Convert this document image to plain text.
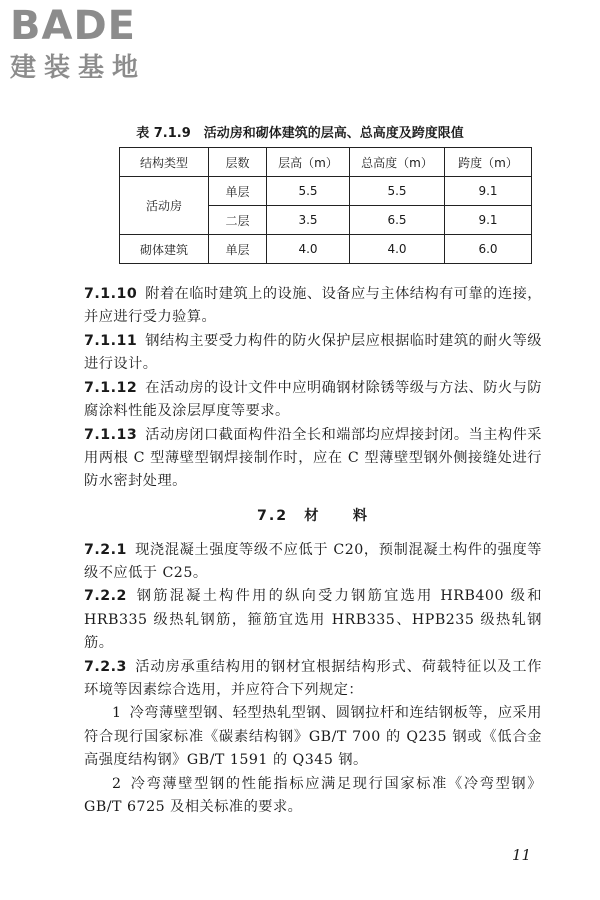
BADE
建装基地
表 7.1.9　活动房和砌体建筑的层高、总高度及跨度限值
结构类型	层数	层高（m）	总高度（m）	跨度（m）
活动房	单层	5.5	5.5	9.1
	二层	3.5	6.5	9.1
砌体建筑	单层	4.0	4.0	6.0

7.1.10 附着在临时建筑上的设施、设备应与主体结构有可靠的连接，并应进行受力验算。

7.1.11 钢结构主要受力构件的防火保护层应根据临时建筑的耐火等级进行设计。

7.1.12 在活动房的设计文件中应明确钢材除锈等级与方法、防火与防腐涂料性能及涂层厚度等要求。

7.1.13 活动房闭口截面构件沿全长和端部均应焊接封闭。当主构件采用两根 C 型薄壁型钢焊接制作时，应在 C 型薄壁型钢外侧接缝处进行防水密封处理。

7.2　材　　料

7.2.1 现浇混凝土强度等级不应低于 C20，预制混凝土构件的强度等级不应低于 C25。

7.2.2 钢筋混凝土构件用的纵向受力钢筋宜选用 HRB400 级和 HRB335 级热轧钢筋，箍筋宜选用 HRB335、HPB235 级热轧钢筋。

7.2.3 活动房承重结构用的钢材宜根据结构形式、荷载特征以及工作环境等因素综合选用，并应符合下列规定：

1 冷弯薄壁型钢、轻型热轧型钢、圆钢拉杆和连结钢板等，应采用符合现行国家标准《碳素结构钢》GB/T 700 的 Q235 钢或《低合金高强度结构钢》GB/T 1591 的 Q345 钢。

2 冷弯薄壁型钢的性能指标应满足现行国家标准《冷弯型钢》GB/T 6725 及相关标准的要求。

11
